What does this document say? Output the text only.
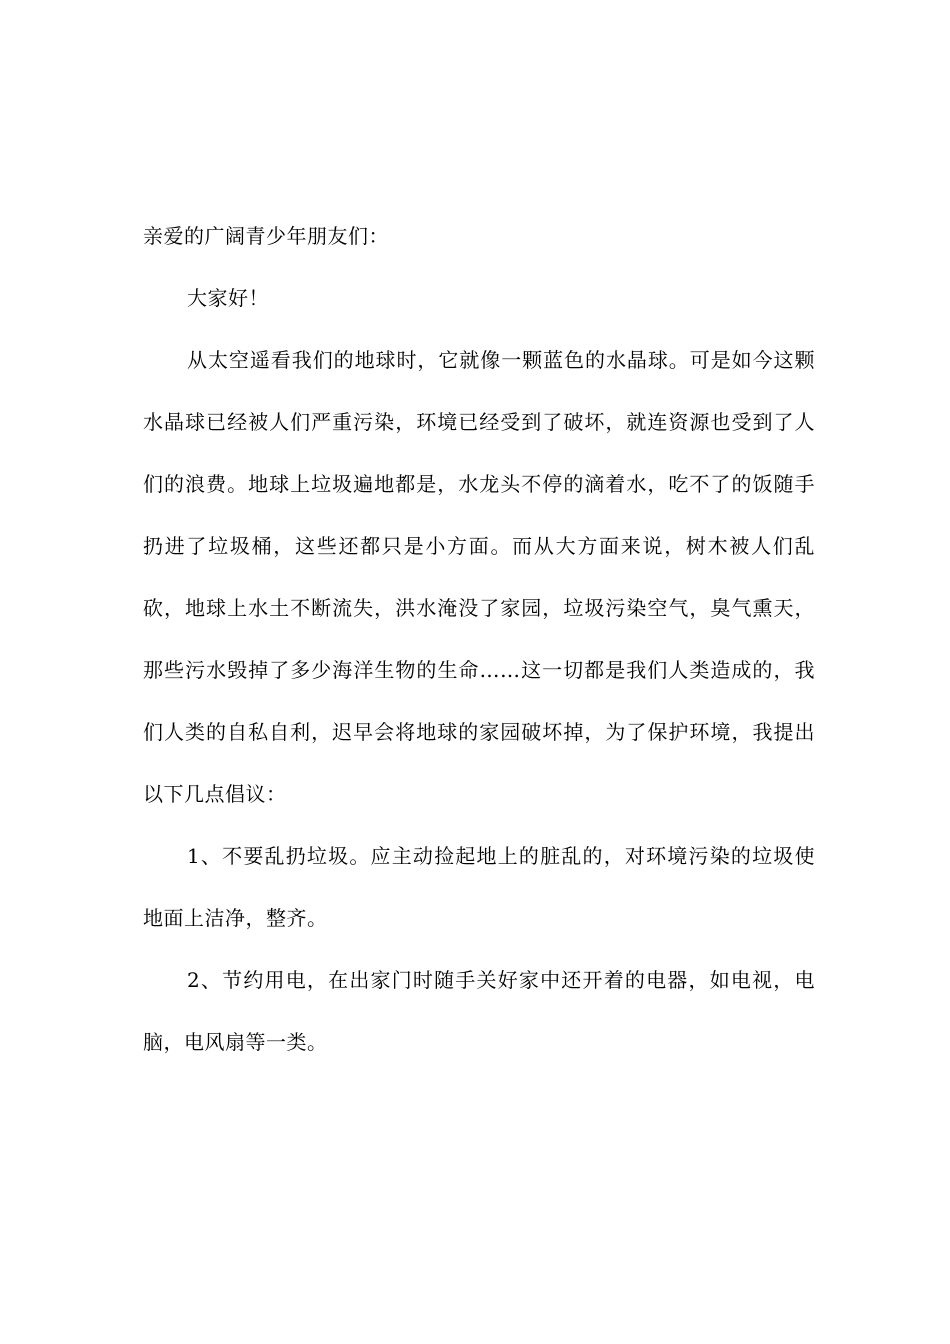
亲爱的广阔青少年朋友们：

大家好！

从太空遥看我们的地球时，它就像一颗蓝色的水晶球。可是如今这颗水晶球已经被人们严重污染，环境已经受到了破坏，就连资源也受到了人们的浪费。地球上垃圾遍地都是，水龙头不停的滴着水，吃不了的饭随手扔进了垃圾桶，这些还都只是小方面。而从大方面来说，树木被人们乱砍，地球上水土不断流失，洪水淹没了家园，垃圾污染空气，臭气熏天，那些污水毁掉了多少海洋生物的生命……这一切都是我们人类造成的，我们人类的自私自利，迟早会将地球的家园破坏掉，为了保护环境，我提出以下几点倡议：

1、不要乱扔垃圾。应主动捡起地上的脏乱的，对环境污染的垃圾使地面上洁净，整齐。

2、节约用电，在出家门时随手关好家中还开着的电器，如电视，电脑，电风扇等一类。
